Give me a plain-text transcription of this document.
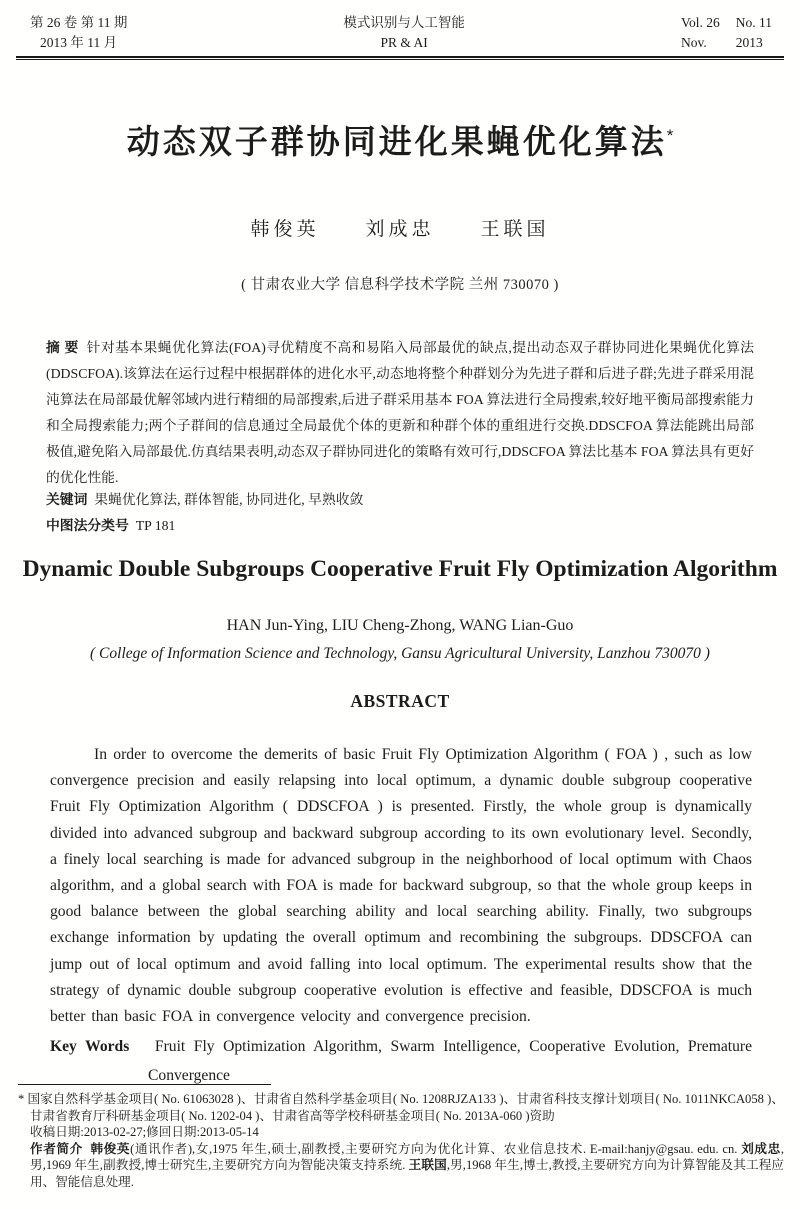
第 26 卷 第 11 期
2013 年 11 月
模式识别与人工智能
PR & AI
Vol. 26 No. 11
Nov.	2013
动态双子群协同进化果蝇优化算法*
韩俊英 刘成忠 王联国
( 甘肃农业大学 信息科学技术学院 兰州 730070 )

摘 要 针对基本果蝇优化算法(FOA)寻优精度不高和易陷入局部最优的缺点,提出动态双子群协同进化果蝇优化算法(DDSCFOA).该算法在运行过程中根据群体的进化水平,动态地将整个种群划分为先进子群和后进子群;先进子群采用混沌算法在局部最优解邻域内进行精细的局部搜索,后进子群采用基本 FOA 算法进行全局搜索,较好地平衡局部搜索能力和全局搜索能力;两个子群间的信息通过全局最优个体的更新和种群个体的重组进行交换.DDSCFOA 算法能跳出局部极值,避免陷入局部最优.仿真结果表明,动态双子群协同进化的策略有效可行,DDSCFOA 算法比基本 FOA 算法具有更好的优化性能.

关键词 果蝇优化算法, 群体智能, 协同进化, 早熟收敛

中图法分类号 TP 181

Dynamic Double Subgroups Cooperative Fruit Fly Optimization Algorithm
HAN Jun-Ying, LIU Cheng-Zhong, WANG Lian-Guo
( College of Information Science and Technology, Gansu Agricultural University, Lanzhou 730070 )
ABSTRACT

In order to overcome the demerits of basic Fruit Fly Optimization Algorithm ( FOA ) , such as low convergence precision and easily relapsing into local optimum, a dynamic double subgroup cooperative Fruit Fly Optimization Algorithm ( DDSCFOA ) is presented. Firstly, the whole group is dynamically divided into advanced subgroup and backward subgroup according to its own evolutionary level. Secondly, a finely local searching is made for advanced subgroup in the neighborhood of local optimum with Chaos algorithm, and a global search with FOA is made for backward subgroup, so that the whole group keeps in good balance between the global searching ability and local searching ability. Finally, two subgroups exchange information by updating the overall optimum and recombining the subgroups. DDSCFOA can jump out of local optimum and avoid falling into local optimum. The experimental results show that the strategy of dynamic double subgroup cooperative evolution is effective and feasible, DDSCFOA is much better than basic FOA in convergence velocity and convergence precision.

Key Words Fruit Fly Optimization Algorithm, Swarm Intelligence, Cooperative Evolution, Premature Convergence

* 国家自然科学基金项目( No. 61063028 )、甘肃省自然科学基金项目( No. 1208RJZA133 )、甘肃省科技支撑计划项目( No. 1011NKCA058 )、甘肃省教育厅科研基金项目( No. 1202-04 )、甘肃省高等学校科研基金项目( No. 2013A-060 )资助

收稿日期:2013-02-27;修回日期:2013-05-14

作者简介 韩俊英(通讯作者),女,1975 年生,硕士,副教授,主要研究方向为优化计算、农业信息技术. E-mail:hanjy@gsau. edu. cn. 刘成忠,男,1969 年生,副教授,博士研究生,主要研究方向为智能决策支持系统. 王联国,男,1968 年生,博士,教授,主要研究方向为计算智能及其工程应用、智能信息处理.
